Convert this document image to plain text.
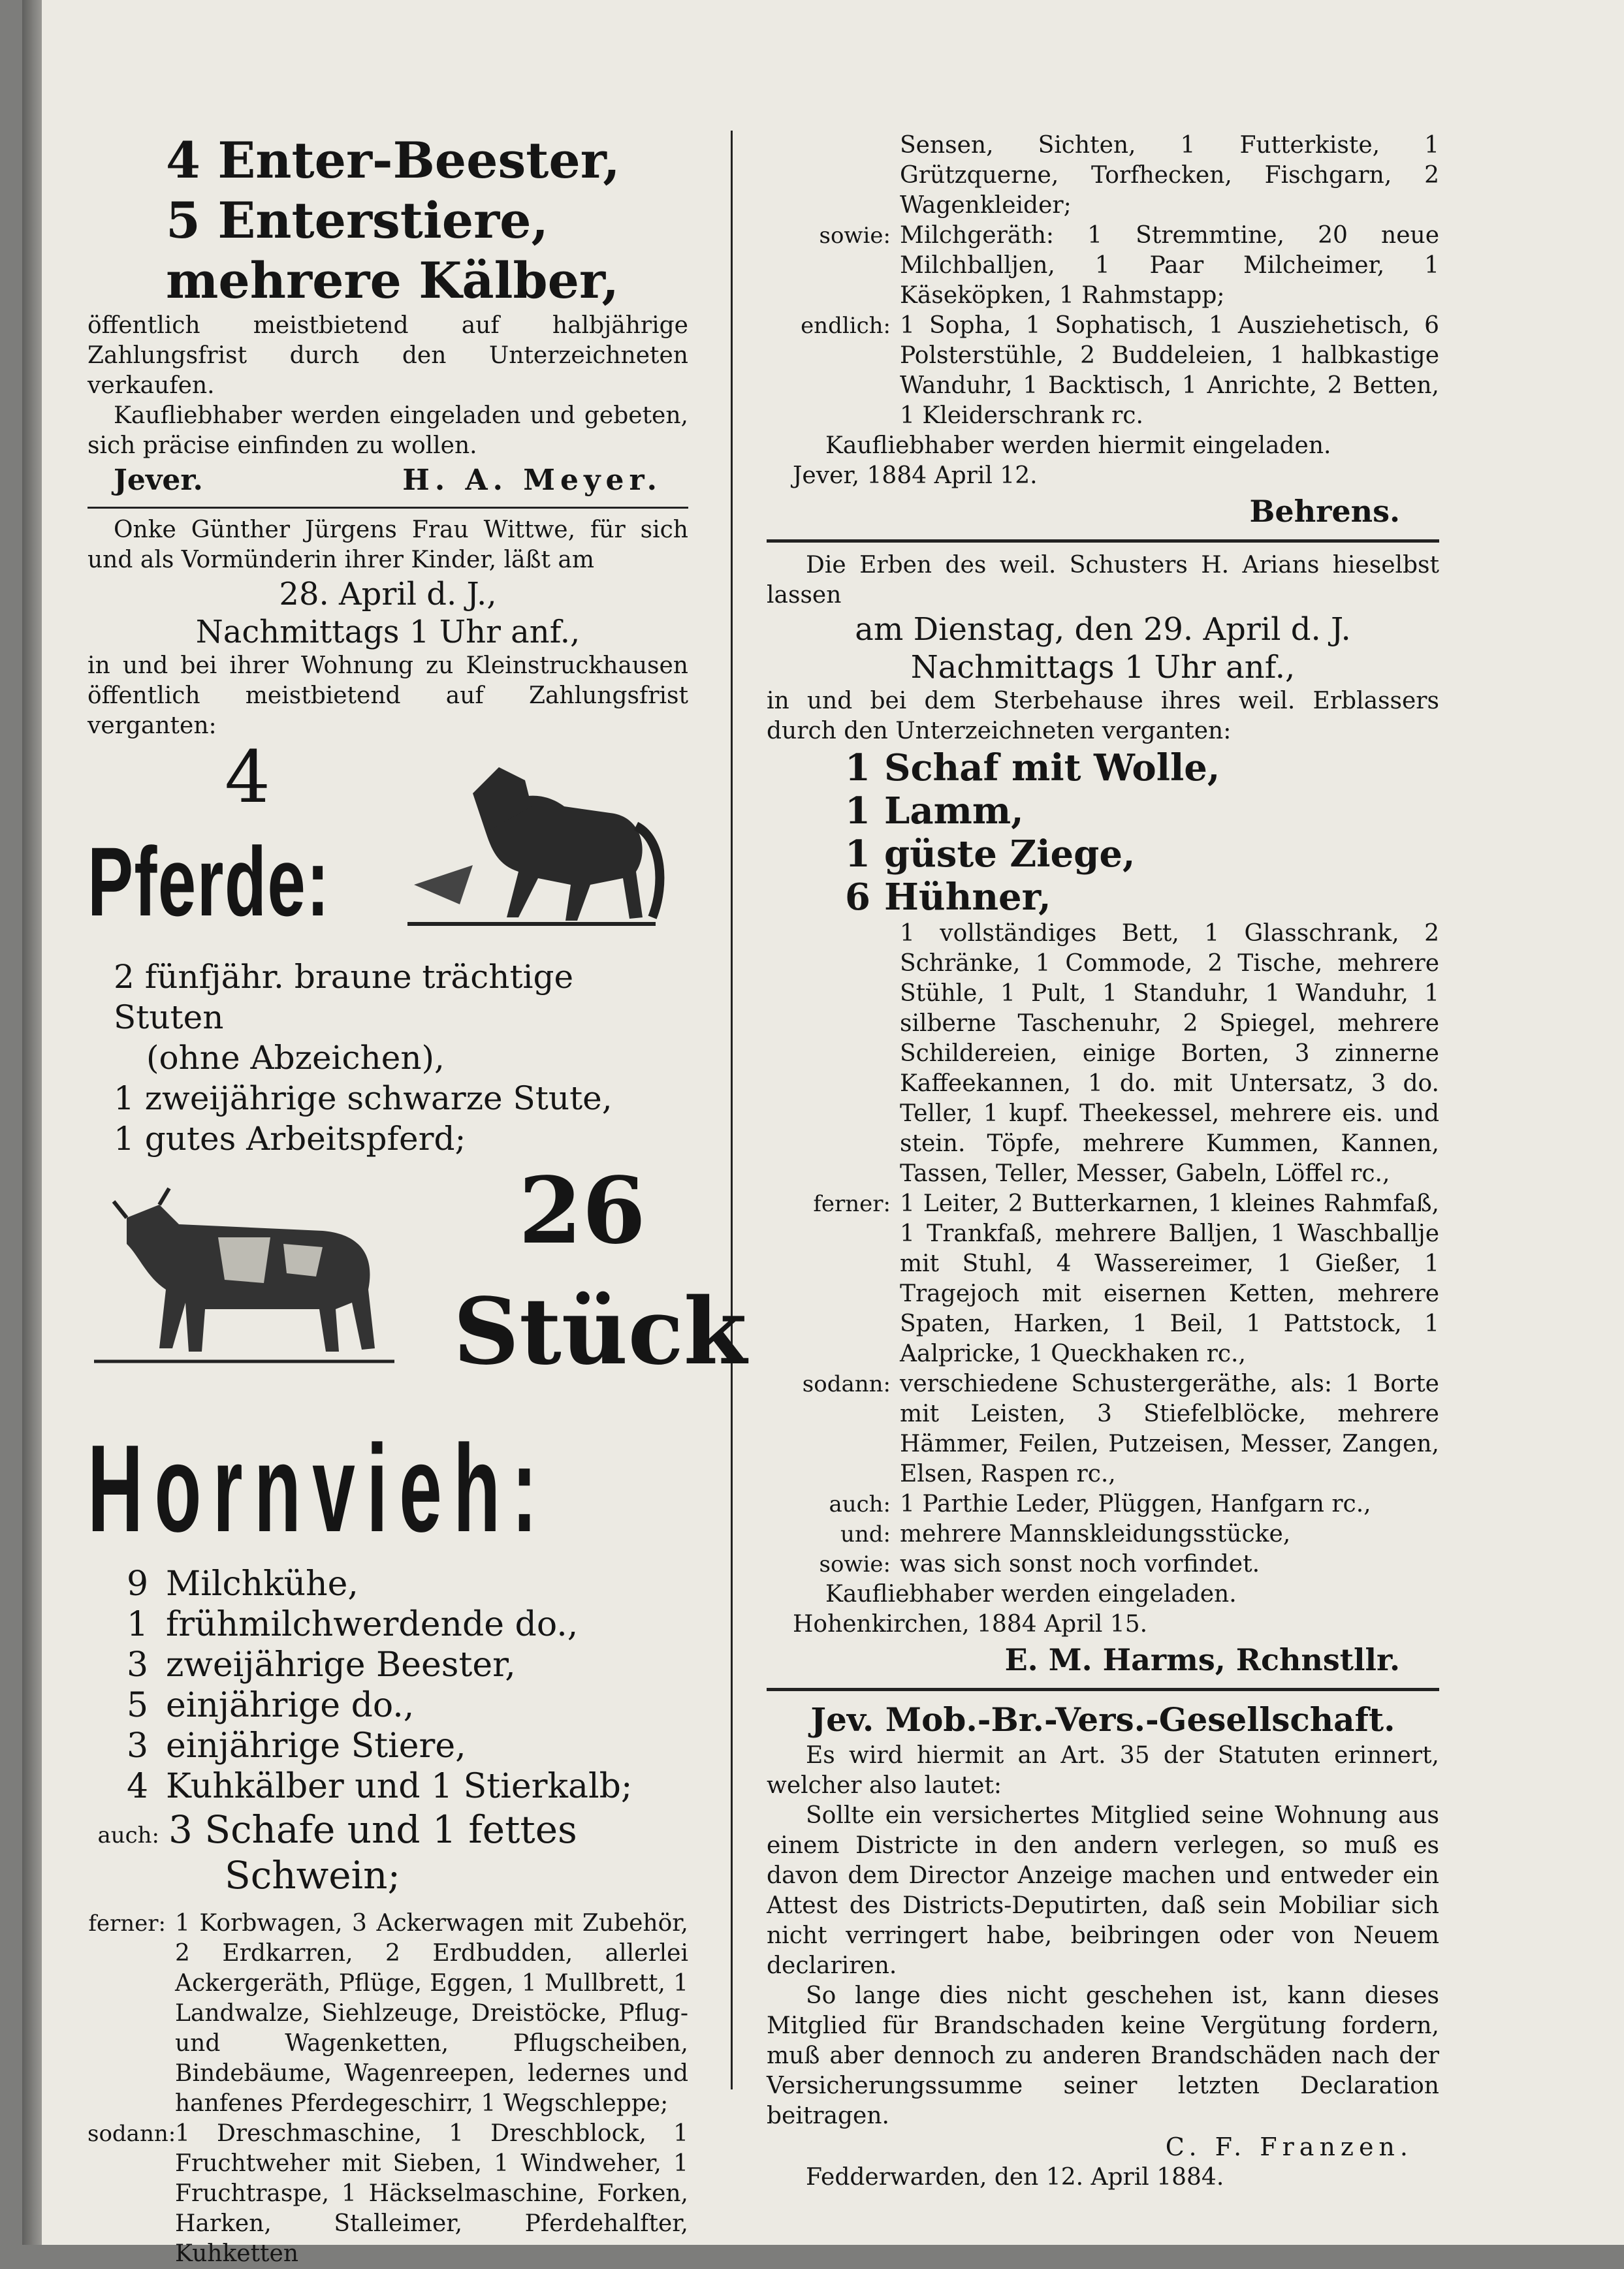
4 Enter-Beester,

5 Enterstiere,

mehrere Kälber,

öffentlich meistbietend auf halbjährige Zahlungsfrist durch den Unterzeichneten verkaufen.

Kaufliebhaber werden eingeladen und gebeten, sich präcise einfinden zu wollen.

Jever.	H. A. Meyer.

Onke Günther Jürgens Frau Wittwe, für sich und als Vormünderin ihrer Kinder, läßt am

28. April d. J.,

Nachmittags 1 Uhr anf.,

in und bei ihrer Wohnung zu Kleinstruckhausen öffentlich meistbietend auf Zahlungsfrist verganten:

4

Pferde:

2 fünfjähr. braune trächtige Stuten

(ohne Abzeichen),

1 zweijährige schwarze Stute,

1 gutes Arbeitspferd;

26

Stück

Hornvieh:

9 Milchkühe,
1 frühmilchwerdende do.,
3 zweijährige Beester,
5 einjährige do.,
3 einjährige Stiere,
4 Kuhkälber und 1 Stierkalb;
auch: 3 Schafe und 1 fettes

Schwein;

ferner: 1 Korbwagen, 3 Ackerwagen mit Zubehör, 2 Erdkarren, 2 Erdbudden, allerlei Ackergeräth, Pflüge, Eggen, 1 Mullbrett, 1 Landwalze, Siehlzeuge, Dreistöcke, Pflug- und Wagenketten, Pflugscheiben, Bindebäume, Wagenreepen, ledernes und hanfenes Pferdegeschirr, 1 Wegschleppe;
sodann:
1 Dreschmaschine, 1 Dreschblock, 1 Fruchtweher mit Sieben, 1 Windweher, 1 Fruchtraspe, 1 Häckselmaschine, Forken, Harken, Stalleimer, Pferdehalfter, Kuhketten
Sensen, Sichten, 1 Futterkiste, 1 Grützquerne, Torfhecken, Fischgarn, 2 Wagenkleider;
sowie: Milchgeräth: 1 Stremmtine, 20 neue Milchballjen, 1 Paar Milcheimer, 1 Käseköpken, 1 Rahmstapp;
endlich: 1 Sopha, 1 Sophatisch, 1 Ausziehetisch, 6 Polsterstühle, 2 Buddeleien, 1 halbkastige Wanduhr, 1 Backtisch, 1 Anrichte, 2 Betten, 1 Kleiderschrank rc.

Kaufliebhaber werden hiermit eingeladen.

Jever, 1884 April 12.

Behrens.

Die Erben des weil. Schusters H. Arians hieselbst lassen

am Dienstag, den 29. April d. J.

Nachmittags 1 Uhr anf.,

in und bei dem Sterbehause ihres weil. Erblassers durch den Unterzeichneten verganten:

1 Schaf mit Wolle,
1 Lamm,
1 güste Ziege,
6 Hühner,
1 vollständiges Bett, 1 Glasschrank, 2 Schränke, 1 Commode, 2 Tische, mehrere Stühle, 1 Pult, 1 Standuhr, 1 Wanduhr, 1 silberne Taschenuhr, 2 Spiegel, mehrere Schildereien, einige Borten, 3 zinnerne Kaffeekannen, 1 do. mit Untersatz, 3 do. Teller, 1 kupf. Theekessel, mehrere eis. und stein. Töpfe, mehrere Kummen, Kannen, Tassen, Teller, Messer, Gabeln, Löffel rc.,
ferner: 1 Leiter, 2 Butterkarnen, 1 kleines Rahmfaß, 1 Trankfaß, mehrere Balljen, 1 Waschballje mit Stuhl, 4 Wassereimer, 1 Gießer, 1 Tragejoch mit eisernen Ketten, mehrere Spaten, Harken, 1 Beil, 1 Pattstock, 1 Aalpricke, 1 Queckhaken rc.,
sodann: verschiedene Schustergeräthe, als: 1 Borte mit Leisten, 3 Stiefelblöcke, mehrere Hämmer, Feilen, Putzeisen, Messer, Zangen, Elsen, Raspen rc.,
auch: 1 Parthie Leder, Plüggen, Hanfgarn rc.,
und: mehrere Mannskleidungsstücke,
sowie: was sich sonst noch vorfindet.

Kaufliebhaber werden eingeladen.

Hohenkirchen, 1884 April 15.

E. M. Harms, Rchnstllr.

Jev. Mob.-Br.-Vers.-Gesellschaft.

Es wird hiermit an Art. 35 der Statuten erinnert, welcher also lautet:

Sollte ein versichertes Mitglied seine Wohnung aus einem Districte in den andern verlegen, so muß es davon dem Director Anzeige machen und entweder ein Attest des Districts-Deputirten, daß sein Mobiliar sich nicht verringert habe, beibringen oder von Neuem declariren.

So lange dies nicht geschehen ist, kann dieses Mitglied für Brandschaden keine Vergütung fordern, muß aber dennoch zu anderen Brandschäden nach der Versicherungssumme seiner letzten Declaration beitragen.

C. F. Franzen.

Fedderwarden, den 12. April 1884.
